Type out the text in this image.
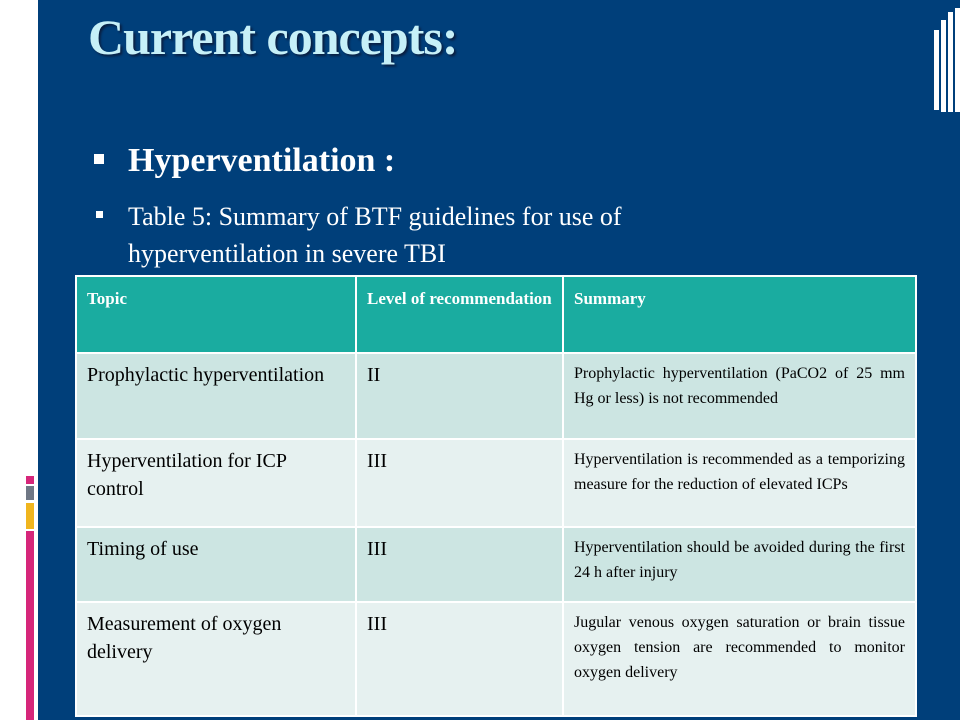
Current concepts:
Hyperventilation :
Table 5: Summary of BTF guidelines for use of hyperventilation in severe TBI
Topic	Level of recommendation	Summary
Prophylactic hyperventilation	II	Prophylactic hyperventilation (PaCO2 of 25 mm Hg or less) is not recommended
Hyperventilation for ICP control	III	Hyperventilation is recommended as a temporizing measure for the reduction of elevated ICPs
Timing of use	III	Hyperventilation should be avoided during the first 24 h after injury
Measurement of oxygen delivery	III	Jugular venous oxygen saturation or brain tissue oxygen tension are recommended to monitor oxygen delivery
